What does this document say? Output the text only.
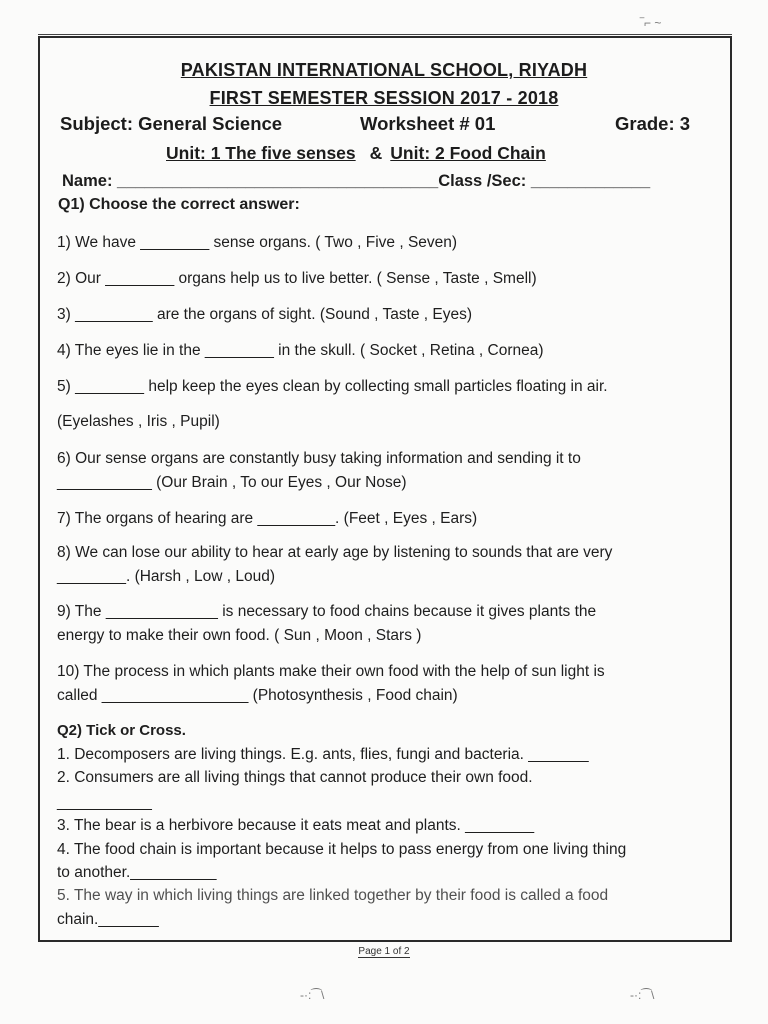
‾⌐ ~
-·:⁀\	-·:⁀\
PAKISTAN INTERNATIONAL SCHOOL, RIYADH
FIRST SEMESTER SESSION 2017 - 2018
Subject: General Science	Worksheet # 01	Grade: 3
Unit: 1 The five senses & Unit: 2 Food Chain
Name: ___________________________________Class /Sec: _____________
Q1) Choose the correct answer:
1) We have ________ sense organs. ( Two , Five , Seven)
2) Our ________ organs help us to live better. ( Sense , Taste , Smell)
3) _________ are the organs of sight. (Sound , Taste , Eyes)
4) The eyes lie in the ________ in the skull. ( Socket , Retina , Cornea)
5) ________ help keep the eyes clean by collecting small particles floating in air.
(Eyelashes , Iris , Pupil)
6) Our sense organs are constantly busy taking information and sending it to
___________ (Our Brain , To our Eyes , Our Nose)
7) The organs of hearing are _________. (Feet , Eyes , Ears)
8) We can lose our ability to hear at early age by listening to sounds that are very
________. (Harsh , Low , Loud)
9) The _____________ is necessary to food chains because it gives plants the
energy to make their own food. ( Sun , Moon , Stars )
10) The process in which plants make their own food with the help of sun light is
called _________________ (Photosynthesis , Food chain)
Q2) Tick or Cross.
1. Decomposers are living things. E.g. ants, flies, fungi and bacteria. _______
2. Consumers are all living things that cannot produce their own food.
___________
3. The bear is a herbivore because it eats meat and plants. ________
4. The food chain is important because it helps to pass energy from one living thing
to another.__________
5. The way in which living things are linked together by their food is called a food
chain._______
Page 1 of 2
